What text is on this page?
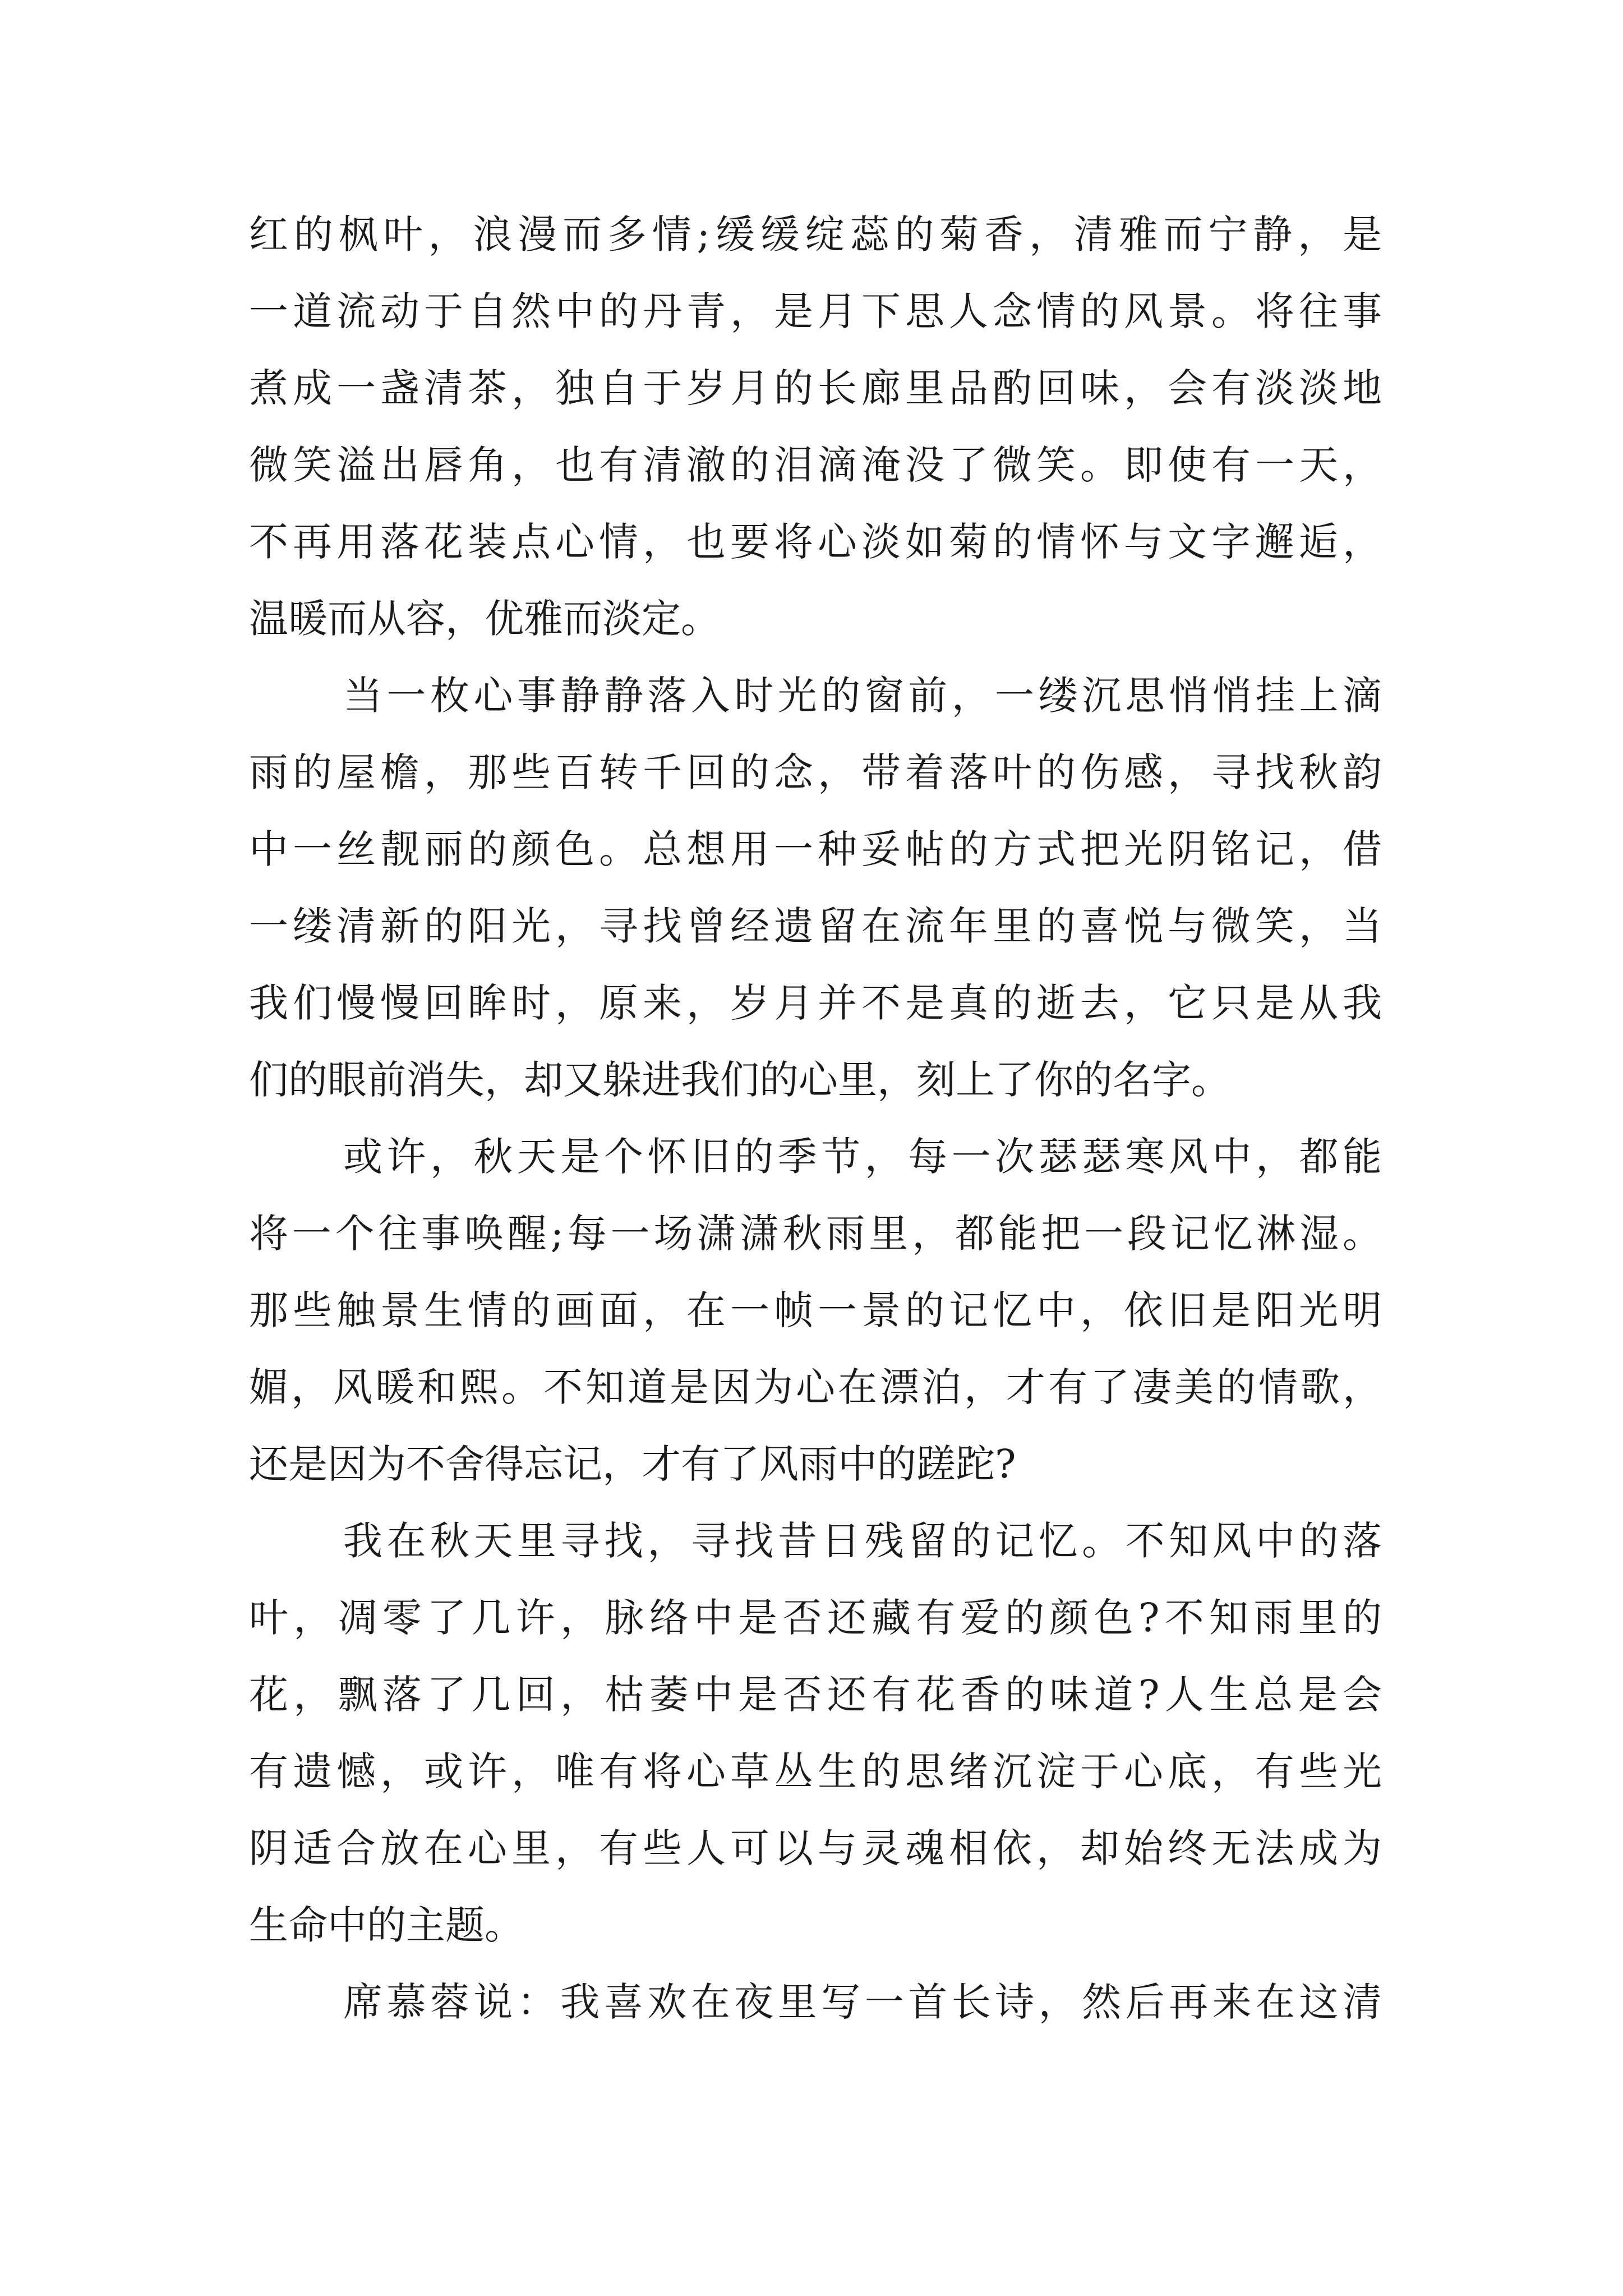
红的枫叶，浪漫而多情;缓缓绽蕊的菊香，清雅而宁静，是
一道流动于自然中的丹青，是月下思人念情的风景。将往事
煮成一盏清茶，独自于岁月的长廊里品酌回味，会有淡淡地
微笑溢出唇角，也有清澈的泪滴淹没了微笑。即使有一天，
不再用落花装点心情，也要将心淡如菊的情怀与文字邂逅，
温暖而从容，优雅而淡定。
当一枚心事静静落入时光的窗前，一缕沉思悄悄挂上滴
雨的屋檐，那些百转千回的念，带着落叶的伤感，寻找秋韵
中一丝靓丽的颜色。总想用一种妥帖的方式把光阴铭记，借
一缕清新的阳光，寻找曾经遗留在流年里的喜悦与微笑，当
我们慢慢回眸时，原来，岁月并不是真的逝去，它只是从我
们的眼前消失，却又躲进我们的心里，刻上了你的名字。
或许，秋天是个怀旧的季节，每一次瑟瑟寒风中，都能
将一个往事唤醒;每一场潇潇秋雨里，都能把一段记忆淋湿。
那些触景生情的画面，在一帧一景的记忆中，依旧是阳光明
媚，风暖和熙。不知道是因为心在漂泊，才有了凄美的情歌，
还是因为不舍得忘记，才有了风雨中的蹉跎?
我在秋天里寻找，寻找昔日残留的记忆。不知风中的落
叶，凋零了几许，脉络中是否还藏有爱的颜色?不知雨里的
花，飘落了几回，枯萎中是否还有花香的味道?人生总是会
有遗憾，或许，唯有将心草丛生的思绪沉淀于心底，有些光
阴适合放在心里，有些人可以与灵魂相依，却始终无法成为
生命中的主题。
席慕蓉说：我喜欢在夜里写一首长诗，然后再来在这清
